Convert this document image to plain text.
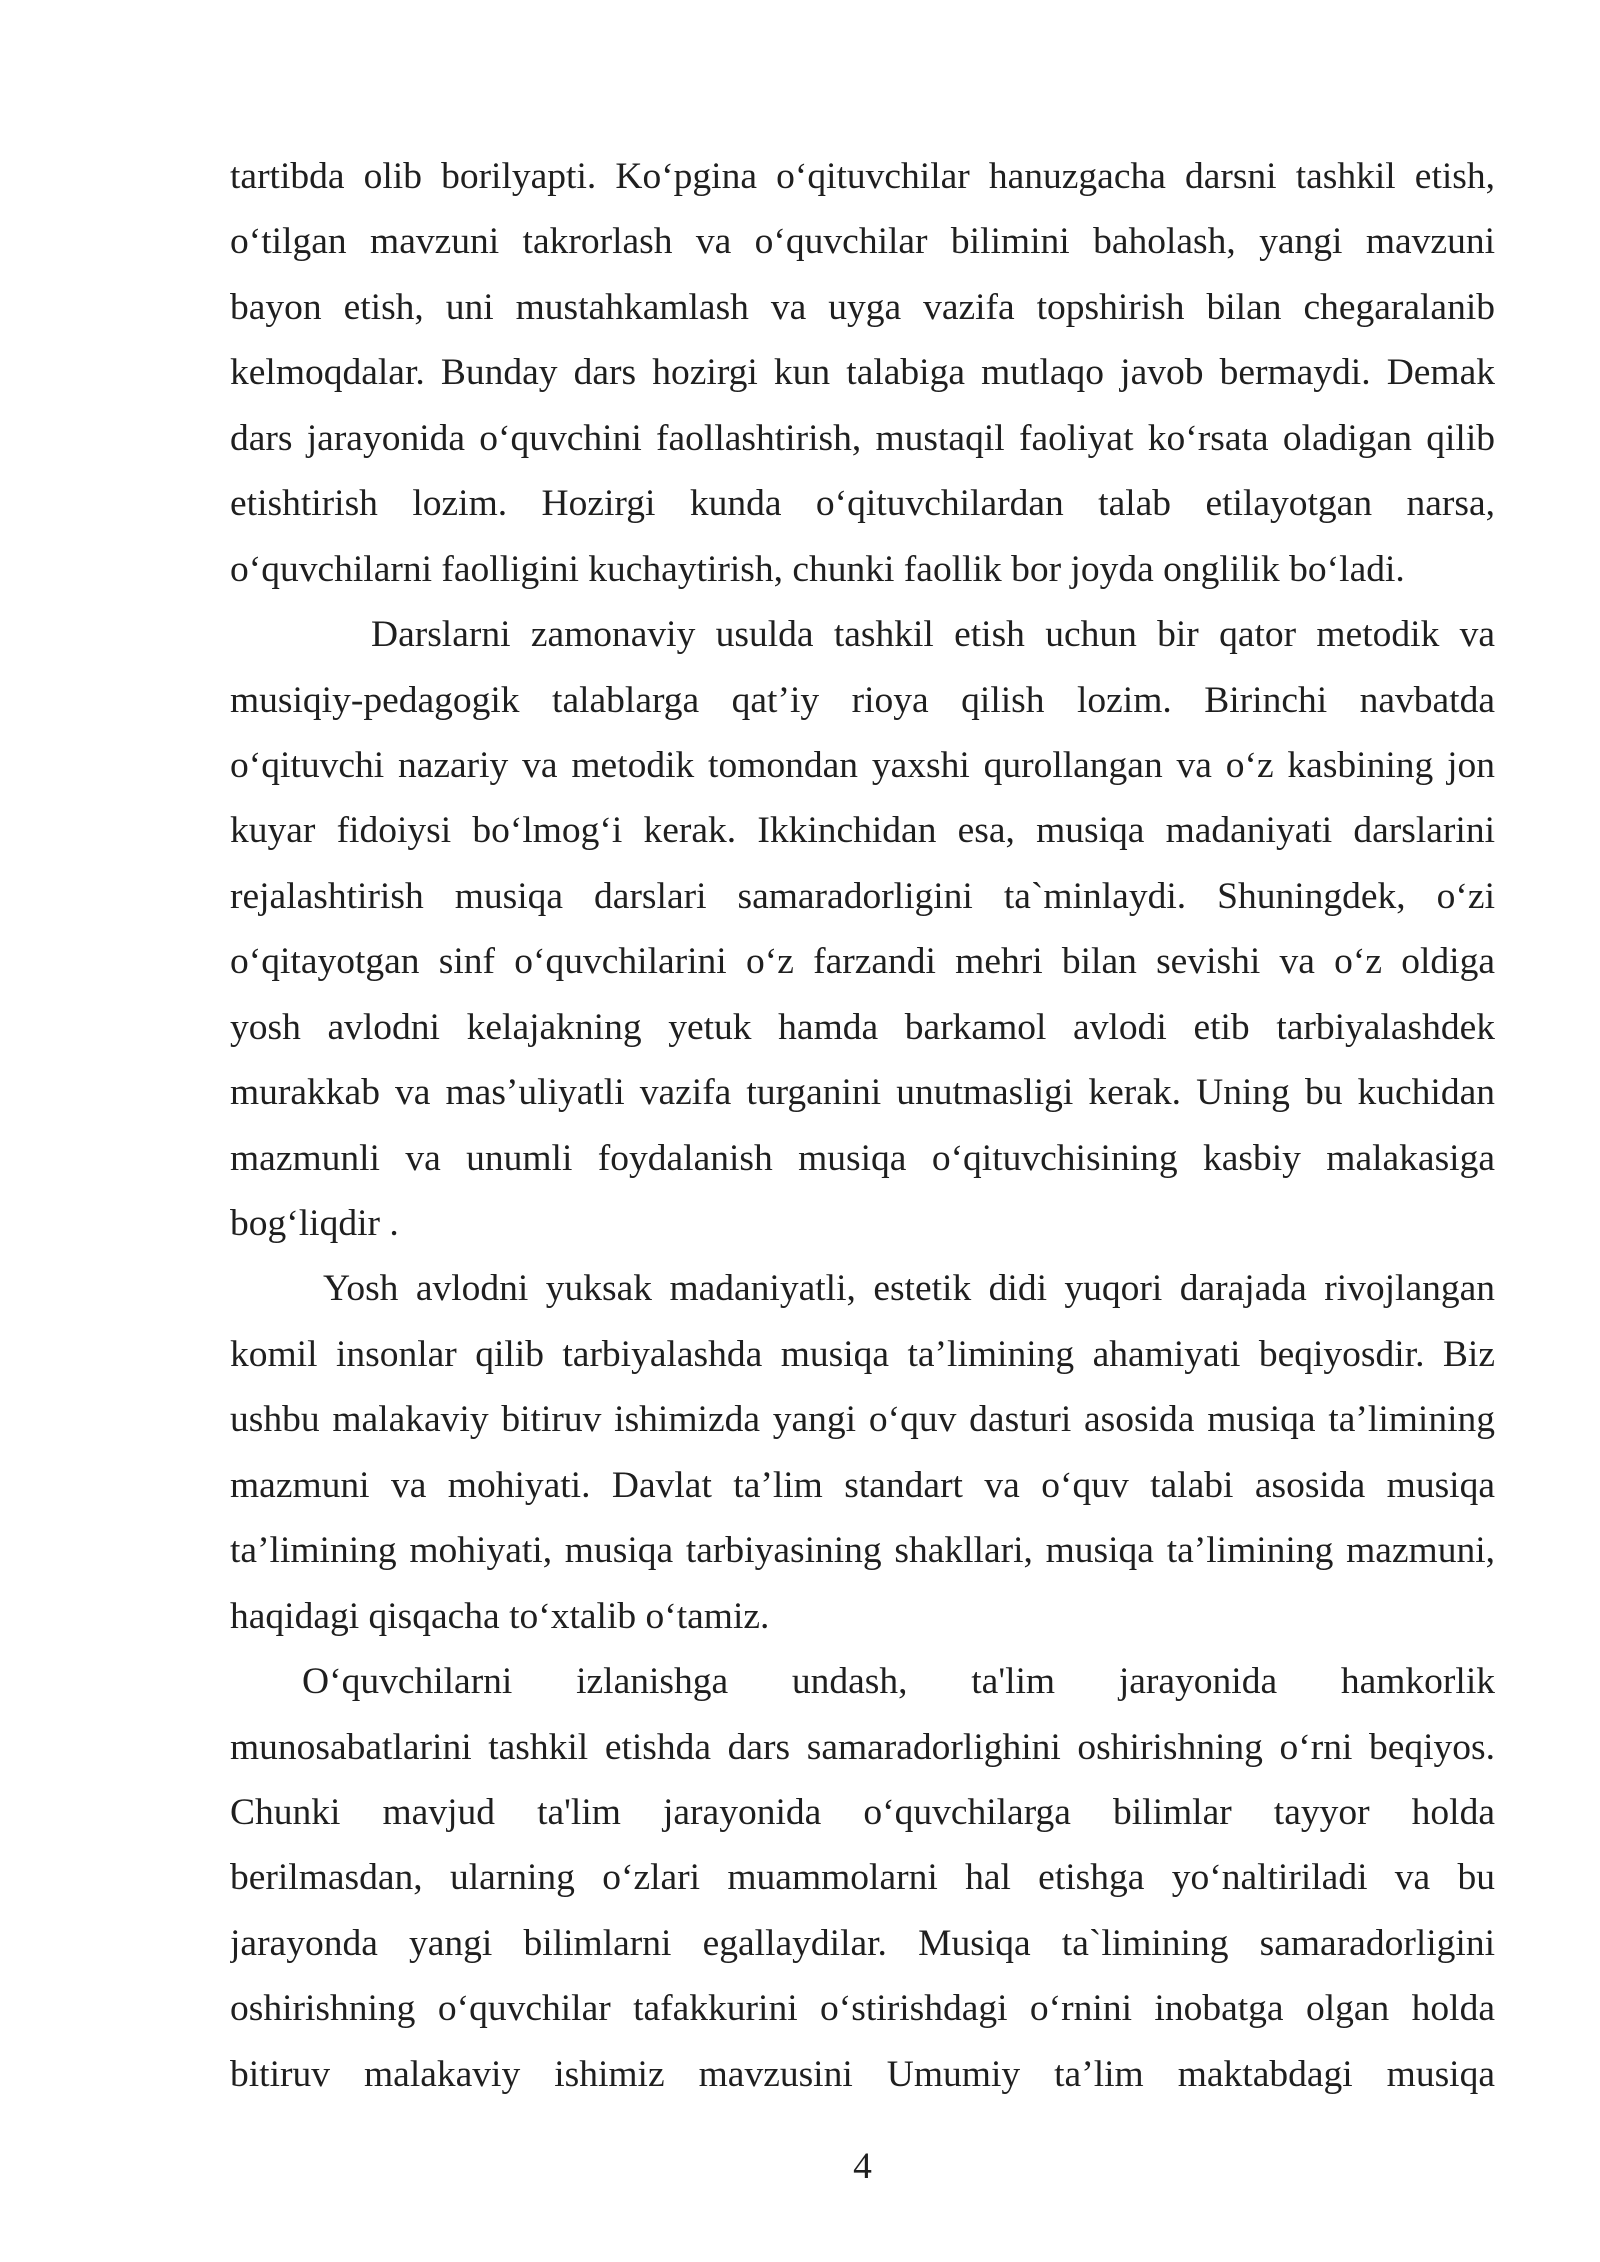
tartibda olib borilyapti. Ko‘pgina o‘qituvchilar hanuzgacha darsni tashkil etish,
o‘tilgan mavzuni takrorlash va o‘quvchilar bilimini baholash, yangi mavzuni
bayon etish, uni mustahkamlash va uyga vazifa topshirish bilan chegaralanib
kelmoqdalar. Bunday dars hozirgi kun talabiga mutlaqo javob bermaydi. Demak
dars jarayonida o‘quvchini faollashtirish, mustaqil faoliyat ko‘rsata oladigan qilib
etishtirish lozim. Hozirgi kunda o‘qituvchilardan talab etilayotgan narsa,
o‘quvchilarni faolligini kuchaytirish, chunki faollik bor joyda onglilik bo‘ladi.
Darslarni zamonaviy usulda tashkil etish uchun bir qator metodik va
musiqiy-pedagogik talablarga qat’iy rioya qilish lozim. Birinchi navbatda
o‘qituvchi nazariy va metodik tomondan yaxshi qurollangan va o‘z kasbining jon
kuyar fidoiysi bo‘lmog‘i kerak. Ikkinchidan esa, musiqa madaniyati darslarini
rejalashtirish musiqa darslari samaradorligini ta`minlaydi. Shuningdek, o‘zi
o‘qitayotgan sinf o‘quvchilarini o‘z farzandi mehri bilan sevishi va o‘z oldiga
yosh avlodni kelajakning yetuk hamda barkamol avlodi etib tarbiyalashdek
murakkab va mas’uliyatli vazifa turganini unutmasligi kerak. Uning bu kuchidan
mazmunli va unumli foydalanish musiqa o‘qituvchisining kasbiy malakasiga
bog‘liqdir .
Yosh avlodni yuksak madaniyatli, estetik didi yuqori darajada rivojlangan
komil insonlar qilib tarbiyalashda musiqa ta’limining ahamiyati beqiyosdir. Biz
ushbu malakaviy bitiruv ishimizda yangi o‘quv dasturi asosida musiqa ta’limining
mazmuni va mohiyati. Davlat ta’lim standart va o‘quv talabi asosida musiqa
ta’limining mohiyati, musiqa tarbiyasining shakllari, musiqa ta’limining mazmuni,
haqidagi qisqacha to‘xtalib o‘tamiz.
O‘quvchilarni izlanishga undash, ta'lim jarayonida hamkorlik
munosabatlarini tashkil etishda dars samaradorlighini oshirishning o‘rni beqiyos.
Chunki mavjud ta'lim jarayonida o‘quvchilarga bilimlar tayyor holda
berilmasdan, ularning o‘zlari muammolarni hal etishga yo‘naltiriladi va bu
jarayonda yangi bilimlarni egallaydilar. Musiqa ta`limining samaradorligini
oshirishning o‘quvchilar tafakkurini o‘stirishdagi o‘rnini inobatga olgan holda
bitiruv malakaviy ishimiz mavzusini Umumiy ta’lim maktabdagi musiqa
4
